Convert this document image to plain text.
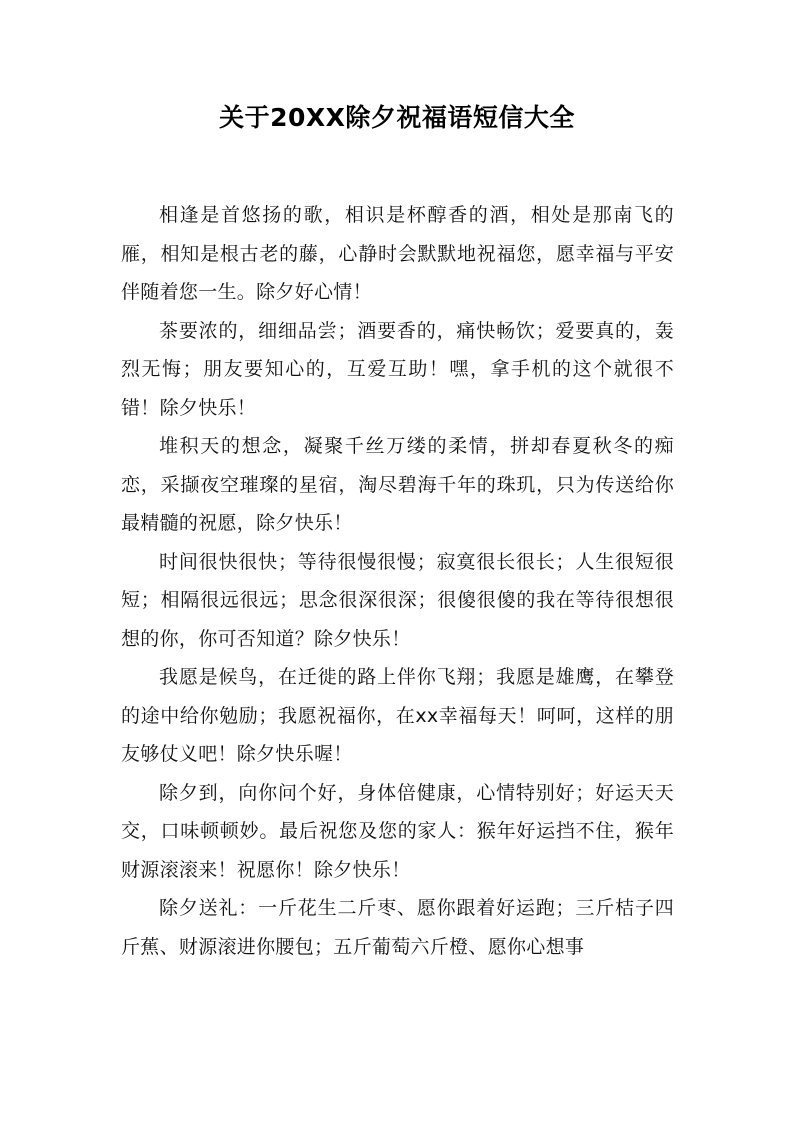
关于20XX除夕祝福语短信大全

相逢是首悠扬的歌，相识是杯醇香的酒，相处是那南飞的雁，相知是根古老的藤，心静时会默默地祝福您，愿幸福与平安伴随着您一生。除夕好心情！

茶要浓的，细细品尝；酒要香的，痛快畅饮；爱要真的，轰烈无悔；朋友要知心的，互爱互助！嘿，拿手机的这个就很不错！除夕快乐！

堆积天的想念，凝聚千丝万缕的柔情，拼却春夏秋冬的痴恋，采撷夜空璀璨的星宿，淘尽碧海千年的珠玑，只为传送给你最精髓的祝愿，除夕快乐！

时间很快很快；等待很慢很慢；寂寞很长很长；人生很短很短；相隔很远很远；思念很深很深；很傻很傻的我在等待很想很想的你，你可否知道？除夕快乐！

我愿是候鸟，在迁徙的路上伴你飞翔；我愿是雄鹰，在攀登的途中给你勉励；我愿祝福你，在xx幸福每天！呵呵，这样的朋友够仗义吧！除夕快乐喔！

除夕到，向你问个好，身体倍健康，心情特别好；好运天天交，口味顿顿妙。最后祝您及您的家人：猴年好运挡不住，猴年财源滚滚来！祝愿你！除夕快乐！

除夕送礼：一斤花生二斤枣、愿你跟着好运跑；三斤桔子四斤蕉、财源滚进你腰包；五斤葡萄六斤橙、愿你心想事
